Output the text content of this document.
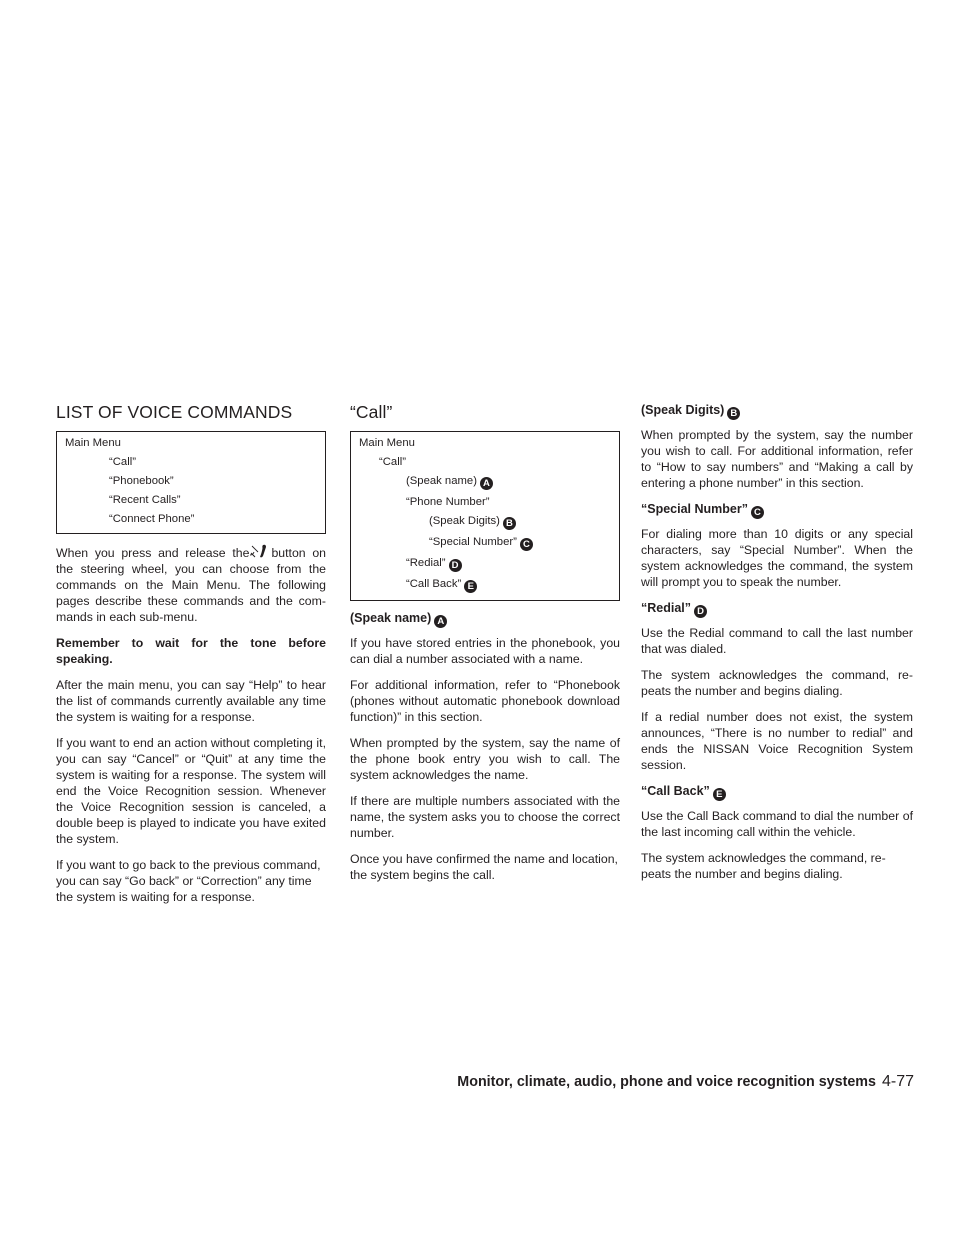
LIST OF VOICE COMMANDS
Main Menu
“Call”
“Phonebook”
“Recent Calls”
“Connect Phone”

When you press and release the button on the steering wheel, you can choose from the commands on the Main Menu. The following pages describe these commands and the com- mands in each sub-menu.

Remember to wait for the tone before speaking.

After the main menu, you can say “Help” to hear the list of commands currently available any time the system is waiting for a response.

If you want to end an action without completing it, you can say “Cancel” or “Quit” at any time the system is waiting for a response. The system will end the Voice Recognition session. Whenever the Voice Recognition session is canceled, a double beep is played to indicate you have exited the system.

If you want to go back to the previous command, you can say “Go back” or “Correction” any time the system is waiting for a response.

“Call”
Main Menu
“Call”
(Speak name) A
“Phone Number”
(Speak Digits) B
“Special Number” C
“Redial” D
“Call Back” E
(Speak name) A

If you have stored entries in the phonebook, you can dial a number associated with a name.

For additional information, refer to “Phonebook (phones without automatic phonebook download function)” in this section.

When prompted by the system, say the name of the phone book entry you wish to call. The system acknowledges the name.

If there are multiple numbers associated with the name, the system asks you to choose the correct number.

Once you have confirmed the name and location, the system begins the call.

(Speak Digits) B

When prompted by the system, say the number you wish to call. For additional information, refer to “How to say numbers” and “Making a call by entering a phone number” in this section.

“Special Number” C

For dialing more than 10 digits or any special characters, say “Special Number”. When the system acknowledges the command, the system will prompt you to speak the number.

“Redial” D

Use the Redial command to call the last number that was dialed.

The system acknowledges the command, re- peats the number and begins dialing.

If a redial number does not exist, the system announces, “There is no number to redial” and ends the NISSAN Voice Recognition System session.

“Call Back” E

Use the Call Back command to dial the number of the last incoming call within the vehicle.

The system acknowledges the command, re- peats the number and begins dialing.

Monitor, climate, audio, phone and voice recognition systems 4-77
